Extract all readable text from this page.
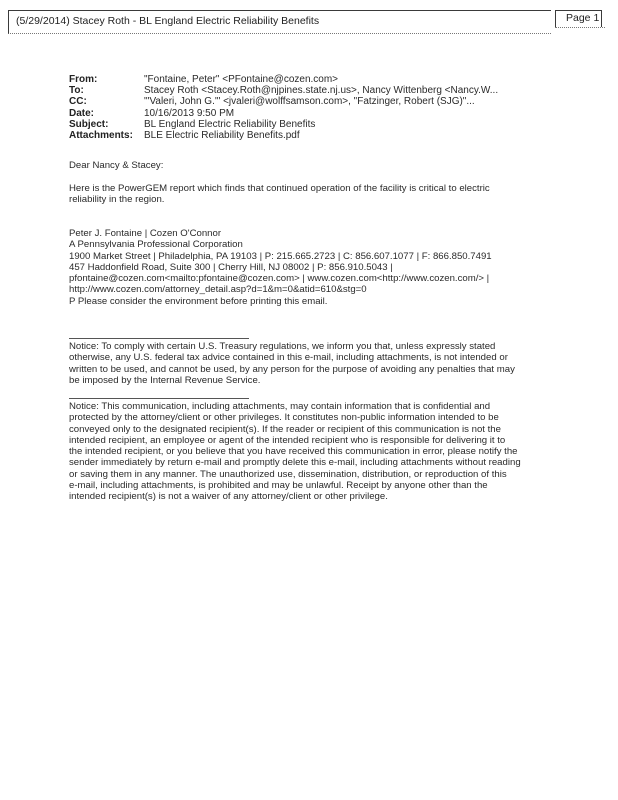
(5/29/2014) Stacey Roth - BL England Electric Reliability Benefits	Page 1
From:	"Fontaine, Peter" <PFontaine@cozen.com>
To:	Stacey Roth <Stacey.Roth@njpines.state.nj.us>, Nancy Wittenberg <Nancy.W...
CC:	"'Valeri, John G.'" <jvaleri@wolffsamson.com>, "Fatzinger, Robert (SJG)"...
Date:	10/16/2013 9:50 PM
Subject:	BL England Electric Reliability Benefits
Attachments: BLE Electric Reliability Benefits.pdf
Dear Nancy & Stacey:
Here is the PowerGEM report which finds that continued operation of the facility is critical to electric
reliability in the region.
Peter J. Fontaine | Cozen O'Connor
A Pennsylvania Professional Corporation
1900 Market Street | Philadelphia, PA 19103 | P: 215.665.2723 | C: 856.607.1077 | F: 866.850.7491
457 Haddonfield Road, Suite 300 | Cherry Hill, NJ 08002 | P: 856.910.5043 |
pfontaine@cozen.com<mailto:pfontaine@cozen.com> | www.cozen.com<http://www.cozen.com/> |
http://www.cozen.com/attorney_detail.asp?d=1&m=0&atid=610&stg=0
P Please consider the environment before printing this email.
Notice: To comply with certain U.S. Treasury regulations, we inform you that, unless expressly stated
otherwise, any U.S. federal tax advice contained in this e-mail, including attachments, is not intended or
written to be used, and cannot be used, by any person for the purpose of avoiding any penalties that may
be imposed by the Internal Revenue Service.
Notice: This communication, including attachments, may contain information that is confidential and
protected by the attorney/client or other privileges. It constitutes non-public information intended to be
conveyed only to the designated recipient(s). If the reader or recipient of this communication is not the
intended recipient, an employee or agent of the intended recipient who is responsible for delivering it to
the intended recipient, or you believe that you have received this communication in error, please notify the
sender immediately by return e-mail and promptly delete this e-mail, including attachments without reading
or saving them in any manner. The unauthorized use, dissemination, distribution, or reproduction of this
e-mail, including attachments, is prohibited and may be unlawful. Receipt by anyone other than the
intended recipient(s) is not a waiver of any attorney/client or other privilege.
